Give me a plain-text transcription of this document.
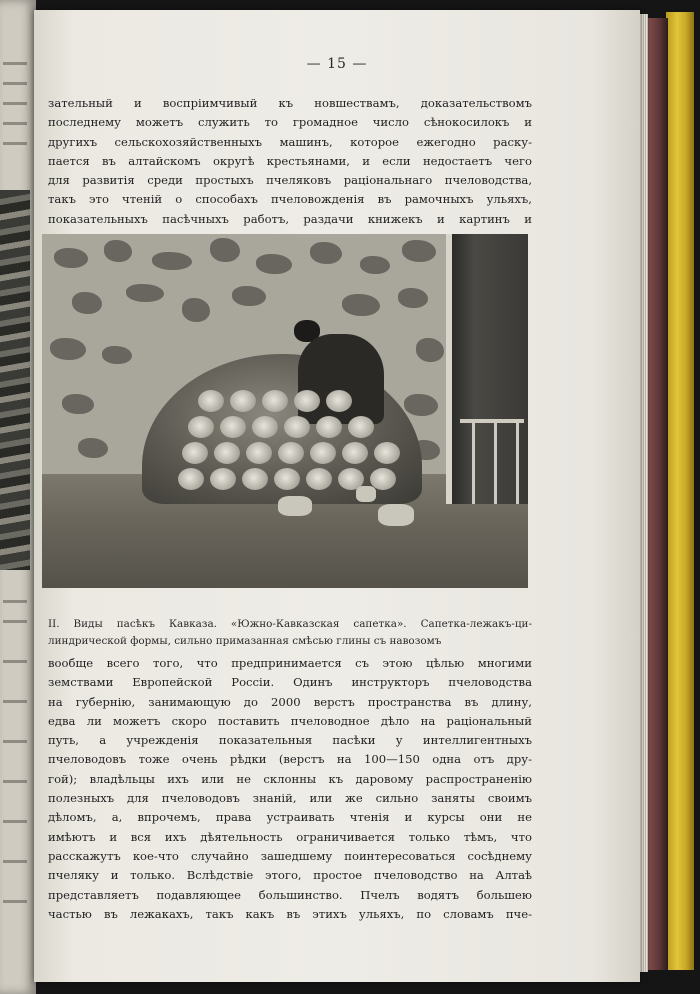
— 15 —
зательный и воспріимчивый къ новшествамъ, доказательствомъ
последнему можетъ служить то громадное число сѣнокосилокъ и
другихъ сельскохозяйственныхъ машинъ, которое ежегодно раску-
пается въ алтайскомъ округѣ крестьянами, и если недостаетъ чего
для развитія среди простыхъ пчеляковъ раціональнаго пчеловодства,
такъ это чтеній о способахъ пчеловожденія въ рамочныхъ ульяхъ,
показательныхъ пасѣчныхъ работъ, раздачи книжекъ и картинъ и
II. Виды пасѣкъ Кавказа. «Южно-Кавказская сапетка». Сапетка-лежакъ-ци-
линдрической формы, сильно примазанная смѣсью глины съ навозомъ
вообще всего того, что предпринимается съ этою цѣлью многими
земствами Европейской Россіи. Одинъ инструкторъ пчеловодства
на губернію, занимающую до 2000 верстъ пространства въ длину,
едва ли можетъ скоро поставить пчеловодное дѣло на раціональный
путь, а учрежденія показательныя пасѣки у интеллигентныхъ
пчеловодовъ тоже очень рѣдки (верстъ на 100—150 одна отъ дру-
гой); владѣльцы ихъ или не склонны къ даровому распространенію
полезныхъ для пчеловодовъ знаній, или же сильно заняты своимъ
дѣломъ, а, впрочемъ, права устраивать чтенія и курсы они не
имѣютъ и вся ихъ дѣятельность ограничивается только тѣмъ, что
расскажутъ кое-что случайно зашедшему поинтересоваться сосѣднему
пчеляку и только. Вслѣдствіе этого, простое пчеловодство на Алтаѣ
представляетъ подавляющее большинство. Пчелъ водятъ большею
частью въ лежакахъ, такъ какъ въ этихъ ульяхъ, по словамъ пче-
